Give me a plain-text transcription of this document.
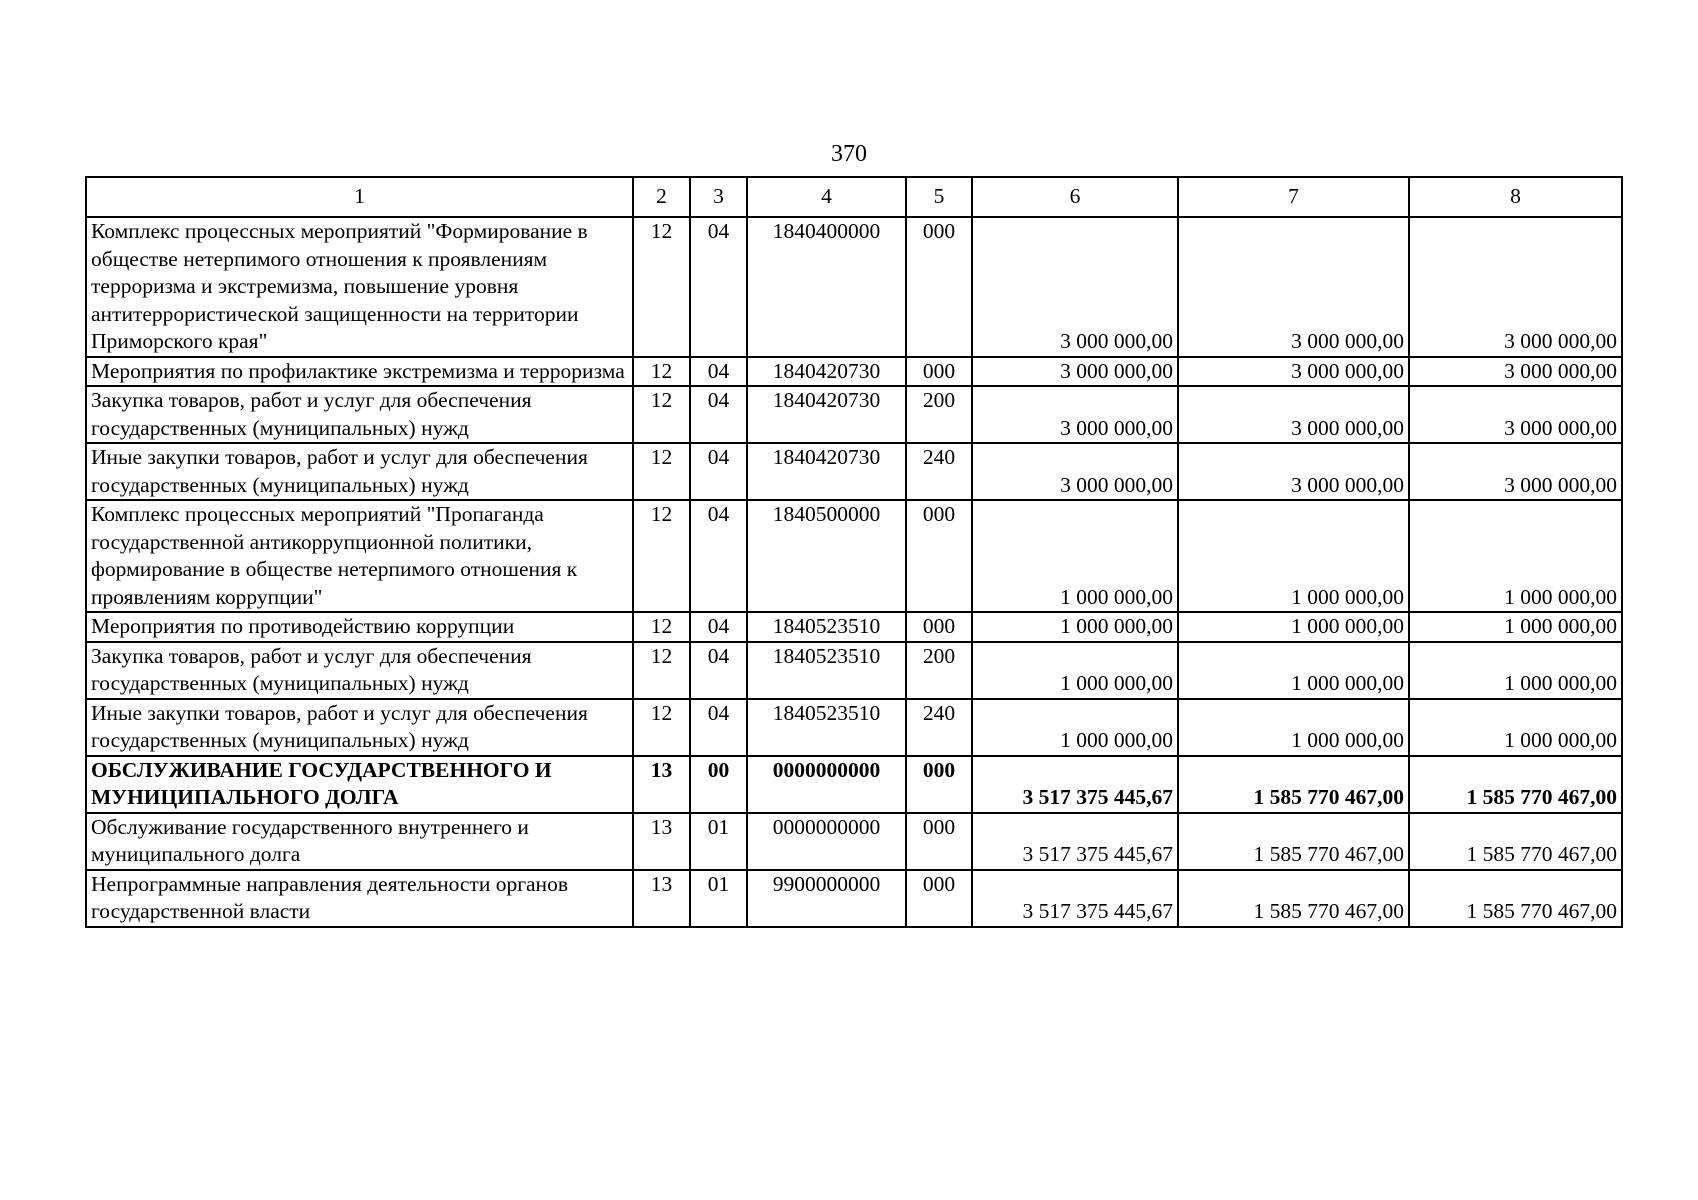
370
1	2	3	4	5	6	7	8
Комплекс процессных мероприятий "Формирование в обществе нетерпимого отношения к проявлениям терроризма и экстремизма, повышение уровня антитеррористической защищенности на территории Приморского края"	12	04	1840400000	000	3 000 000,00	3 000 000,00	3 000 000,00
Мероприятия по профилактике экстремизма и терроризма	12	04	1840420730	000	3 000 000,00	3 000 000,00	3 000 000,00
Закупка товаров, работ и услуг для обеспечения государственных (муниципальных) нужд	12	04	1840420730	200	3 000 000,00	3 000 000,00	3 000 000,00
Иные закупки товаров, работ и услуг для обеспечения государственных (муниципальных) нужд	12	04	1840420730	240	3 000 000,00	3 000 000,00	3 000 000,00
Комплекс процессных мероприятий "Пропаганда государственной антикоррупционной политики, формирование в обществе нетерпимого отношения к проявлениям коррупции"	12	04	1840500000	000	1 000 000,00	1 000 000,00	1 000 000,00
Мероприятия по противодействию коррупции	12	04	1840523510	000	1 000 000,00	1 000 000,00	1 000 000,00
Закупка товаров, работ и услуг для обеспечения государственных (муниципальных) нужд	12	04	1840523510	200	1 000 000,00	1 000 000,00	1 000 000,00
Иные закупки товаров, работ и услуг для обеспечения государственных (муниципальных) нужд	12	04	1840523510	240	1 000 000,00	1 000 000,00	1 000 000,00
ОБСЛУЖИВАНИЕ ГОСУДАРСТВЕННОГО И МУНИЦИПАЛЬНОГО ДОЛГА	13	00	0000000000	000	3 517 375 445,67	1 585 770 467,00	1 585 770 467,00
Обслуживание государственного внутреннего и муниципального долга	13	01	0000000000	000	3 517 375 445,67	1 585 770 467,00	1 585 770 467,00
Непрограммные направления деятельности органов государственной власти	13	01	9900000000	000	3 517 375 445,67	1 585 770 467,00	1 585 770 467,00
